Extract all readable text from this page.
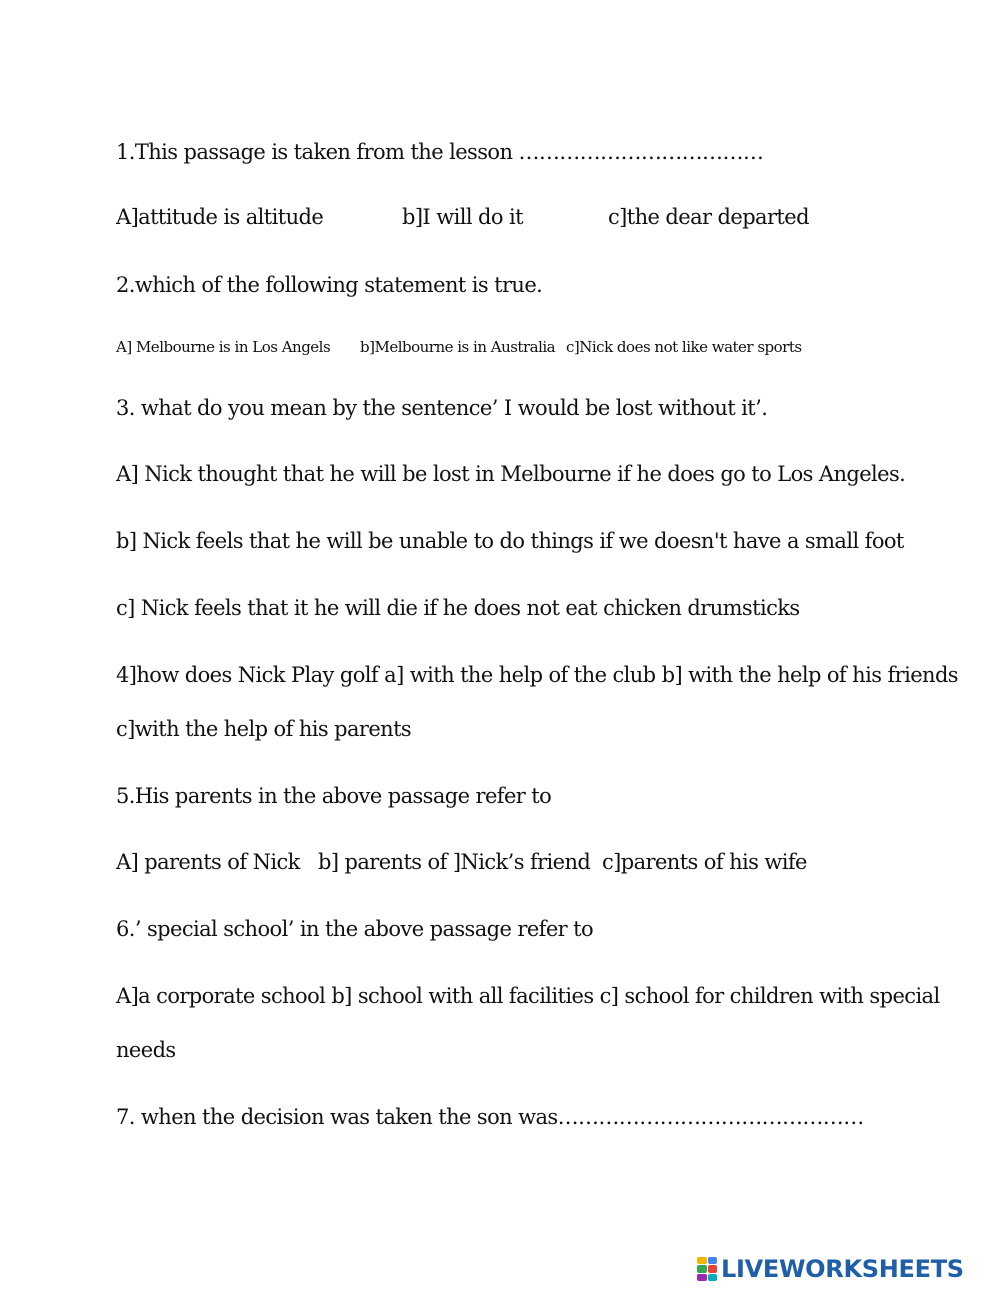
1.This passage is taken from the lesson ………………………………
A]attitude is altitude	b]I will do it	c]the dear departed
2.which of the following statement is true.
A] Melbourne is in Los Angels b]Melbourne is in Australia c]Nick does not like water sports
3. what do you mean by the sentence’ I would be lost without it’.
A] Nick thought that he will be lost in Melbourne if he does go to Los Angeles.
b] Nick feels that he will be unable to do things if we doesn't have a small foot
c] Nick feels that it he will die if he does not eat chicken drumsticks
4]how does Nick Play golf a] with the help of the club b] with the help of his friends
c]with the help of his parents
5.His parents in the above passage refer to
A] parents of Nick b] parents of ]Nick’s friend c]parents of his wife
6.’ special school’ in the above passage refer to
A]a corporate school b] school with all facilities c] school for children with special
needs
7. when the decision was taken the son was………………………………………
LIVEWORKSHEETS
